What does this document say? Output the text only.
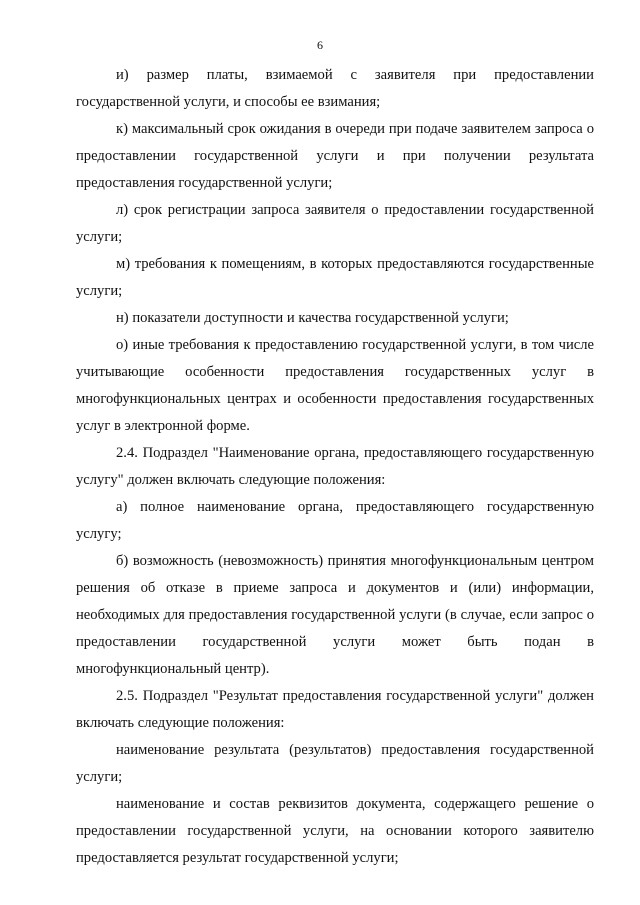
6

и) размер платы, взимаемой с заявителя при предоставлении государственной услуги, и способы ее взимания;

к) максимальный срок ожидания в очереди при подаче заявителем запроса о предоставлении государственной услуги и при получении результата предоставления государственной услуги;

л) срок регистрации запроса заявителя о предоставлении государственной услуги;

м) требования к помещениям, в которых предоставляются государственные услуги;

н) показатели доступности и качества государственной услуги;

о) иные требования к предоставлению государственной услуги, в том числе учитывающие особенности предоставления государственных услуг в многофункциональных центрах и особенности предоставления государственных услуг в электронной форме.

2.4. Подраздел "Наименование органа, предоставляющего государственную услугу" должен включать следующие положения:

а) полное наименование органа, предоставляющего государственную услугу;

б) возможность (невозможность) принятия многофункциональным центром решения об отказе в приеме запроса и документов и (или) информации, необходимых для предоставления государственной услуги (в случае, если запрос о предоставлении государственной услуги может быть подан в многофункциональный центр).

2.5. Подраздел "Результат предоставления государственной услуги" должен включать следующие положения:

наименование результата (результатов) предоставления государственной услуги;

наименование и состав реквизитов документа, содержащего решение о предоставлении государственной услуги, на основании которого заявителю предоставляется результат государственной услуги;
